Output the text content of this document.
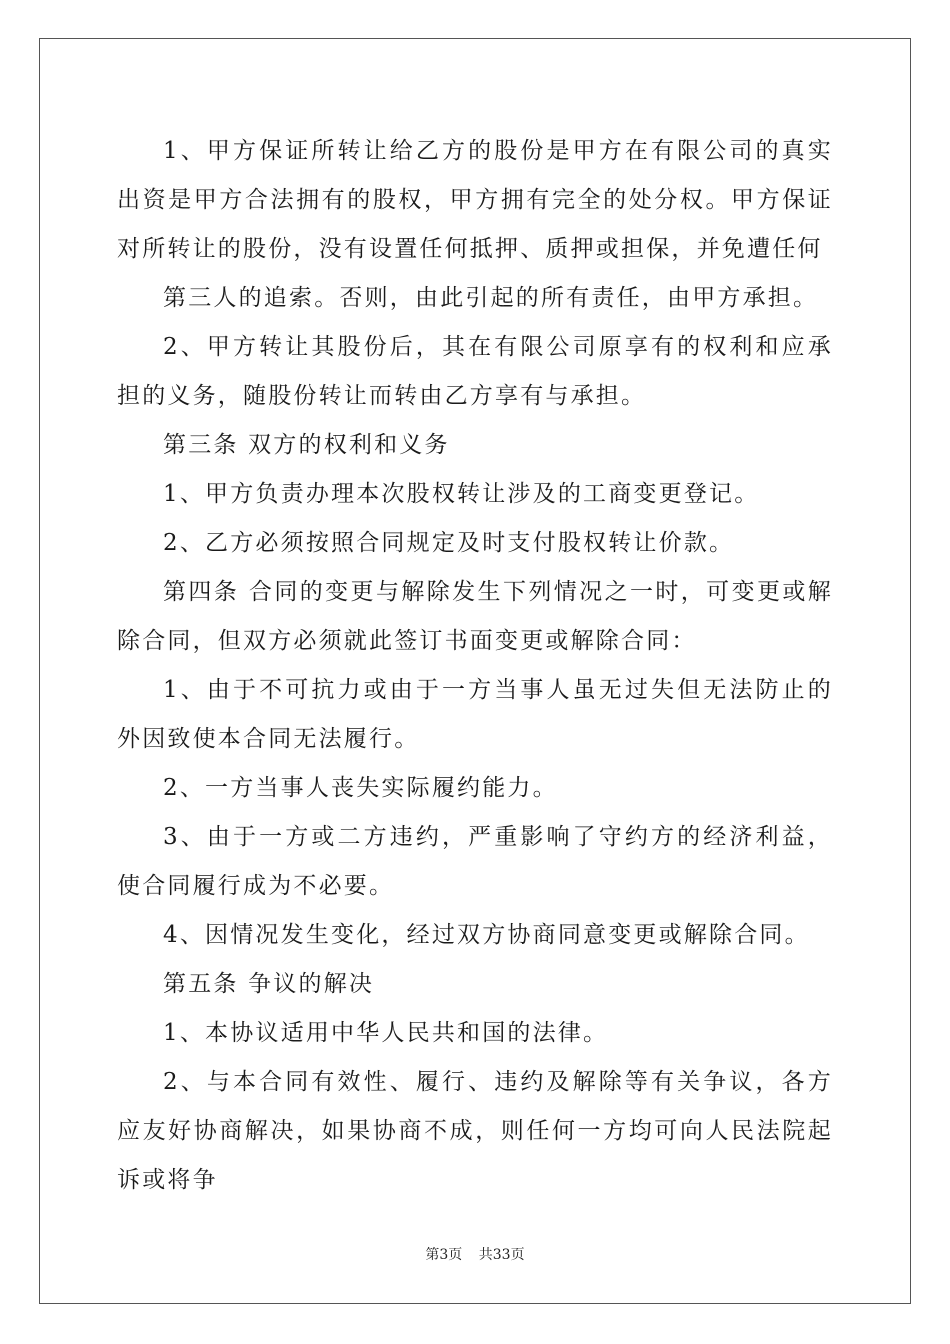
1、甲方保证所转让给乙方的股份是甲方在有限公司的真实出资是甲方合法拥有的股权，甲方拥有完全的处分权。甲方保证对所转让的股份，没有设置任何抵押、质押或担保，并免遭任何

第三人的追索。否则，由此引起的所有责任，由甲方承担。

2、甲方转让其股份后，其在有限公司原享有的权利和应承担的义务，随股份转让而转由乙方享有与承担。

第三条 双方的权利和义务

1、甲方负责办理本次股权转让涉及的工商变更登记。

2、乙方必须按照合同规定及时支付股权转让价款。

第四条 合同的变更与解除发生下列情况之一时，可变更或解除合同，但双方必须就此签订书面变更或解除合同：

1、由于不可抗力或由于一方当事人虽无过失但无法防止的外因致使本合同无法履行。

2、一方当事人丧失实际履约能力。

3、由于一方或二方违约，严重影响了守约方的经济利益，使合同履行成为不必要。

4、因情况发生变化，经过双方协商同意变更或解除合同。

第五条 争议的解决

1、本协议适用中华人民共和国的法律。

2、与本合同有效性、履行、违约及解除等有关争议，各方应友好协商解决，如果协商不成，则任何一方均可向人民法院起诉或将争

第3页 共33页
